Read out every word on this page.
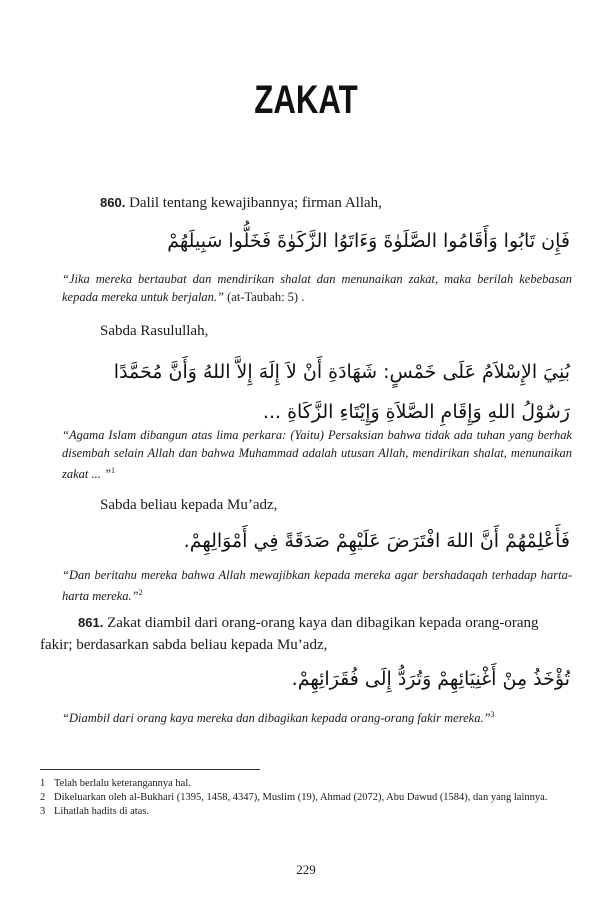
ZAKAT
860. Dalil tentang kewajibannya; firman Allah,
فَإِن تَابُوا وَأَقَامُوا الصَّلَوٰةَ وَءَاتَوُا الزَّكَوٰةَ فَخَلُّوا سَبِيلَهُمْ
“Jika mereka bertaubat dan mendirikan shalat dan menunaikan zakat, maka berilah kebebasan kepada mereka untuk berjalan.” (at-Taubah: 5) .
Sabda Rasulullah,
بُنِيَ الإِسْلاَمُ عَلَى خَمْسٍ: شَهَادَةِ أَنْ لاَ إِلَهَ إِلاَّ اللهُ وَأَنَّ مُحَمَّدًا رَسُوْلُ اللهِ وَإِقَامِ الصَّلاَةِ وَإِيْتَاءِ الزَّكَاةِ ...
“Agama Islam dibangun atas lima perkara: (Yaitu) Persaksian bahwa tidak ada tuhan yang berhak disembah selain Allah dan bahwa Muhammad adalah utusan Allah, mendirikan shalat, menunaikan zakat ... ”$^1$
Sabda beliau kepada Mu’adz,
فَأَعْلِمْهُمْ أَنَّ اللهَ افْتَرَضَ عَلَيْهِمْ صَدَقَةً فِي أَمْوَالِهِمْ.
“Dan beritahu mereka bahwa Allah mewajibkan kepada mereka agar bershadaqah terhadap harta-harta mereka.”$^2$
861. Zakat diambil dari orang-orang kaya dan dibagikan kepada orang-orang fakir; berdasarkan sabda beliau kepada Mu’adz,
تُؤْخَذُ مِنْ أَغْنِيَائِهِمْ وَتُرَدُّ إِلَى فُقَرَائِهِمْ.
“Diambil dari orang kaya mereka dan dibagikan kepada orang-orang fakir mereka.”$^3$
1 Telah berlalu keterangannya hal.
2 Dikeluarkan oleh al-Bukhari (1395, 1458, 4347), Muslim (19), Ahmad (2072), Abu Dawud (1584), dan yang lainnya.
3 Lihatlah hadits di atas.
229
